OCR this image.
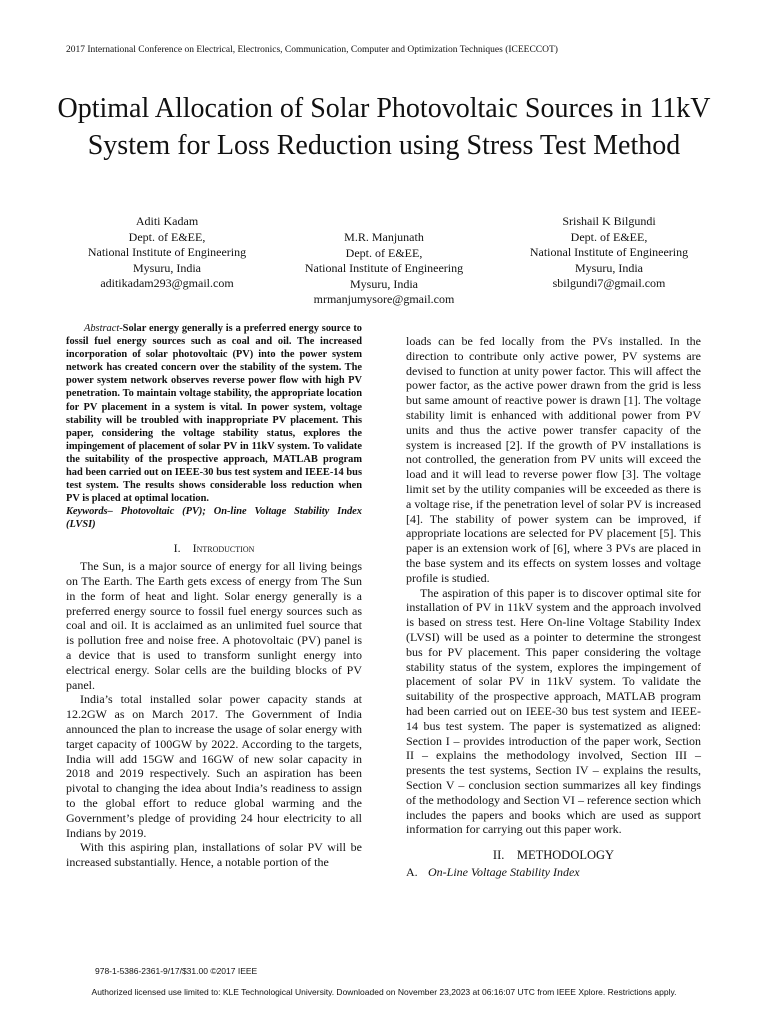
2017 International Conference on Electrical, Electronics, Communication, Computer and Optimization Techniques (ICEECCOT)
Optimal Allocation of Solar Photovoltaic Sources in 11kV System for Loss Reduction using Stress Test Method
Aditi Kadam
Dept. of E&EE,
National Institute of Engineering
Mysuru, India
aditikadam293@gmail.com
M.R. Manjunath
Dept. of E&EE,
National Institute of Engineering
Mysuru, India
mrmanjumysore@gmail.com
Srishail K Bilgundi
Dept. of E&EE,
National Institute of Engineering
Mysuru, India
sbilgundi7@gmail.com

Abstract-Solar energy generally is a preferred energy source to fossil fuel energy sources such as coal and oil. The increased incorporation of solar photovoltaic (PV) into the power system network has created concern over the stability of the system. The power system network observes reverse power flow with high PV penetration. To maintain voltage stability, the appropriate location for PV placement in a system is vital. In power system, voltage stability will be troubled with inappropriate PV placement. This paper, considering the voltage stability status, explores the impingement of placement of solar PV in 11kV system. To validate the suitability of the prospective approach, MATLAB program had been carried out on IEEE-30 bus test system and IEEE-14 bus test system. The results shows considerable loss reduction when PV is placed at optimal location.

Keywords– Photovoltaic (PV); On-line Voltage Stability Index (LVSI)

I. Introduction

The Sun, is a major source of energy for all living beings on The Earth. The Earth gets excess of energy from The Sun in the form of heat and light. Solar energy generally is a preferred energy source to fossil fuel energy sources such as coal and oil. It is acclaimed as an unlimited fuel source that is pollution free and noise free. A photovoltaic (PV) panel is a device that is used to transform sunlight energy into electrical energy. Solar cells are the building blocks of PV panel.

India’s total installed solar power capacity stands at 12.2GW as on March 2017. The Government of India announced the plan to increase the usage of solar energy with target capacity of 100GW by 2022. According to the targets, India will add 15GW and 16GW of new solar capacity in 2018 and 2019 respectively. Such an aspiration has been pivotal to changing the idea about India’s readiness to assign to the global effort to reduce global warming and the Government’s pledge of providing 24 hour electricity to all Indians by 2019.

With this aspiring plan, installations of solar PV will be increased substantially. Hence, a notable portion of the

loads can be fed locally from the PVs installed. In the direction to contribute only active power, PV systems are devised to function at unity power factor. This will affect the power factor, as the active power drawn from the grid is less but same amount of reactive power is drawn [1]. The voltage stability limit is enhanced with additional power from PV units and thus the active power transfer capacity of the system is increased [2]. If the growth of PV installations is not controlled, the generation from PV units will exceed the load and it will lead to reverse power flow [3]. The voltage limit set by the utility companies will be exceeded as there is a voltage rise, if the penetration level of solar PV is increased [4]. The stability of power system can be improved, if appropriate locations are selected for PV placement [5]. This paper is an extension work of [6], where 3 PVs are placed in the base system and its effects on system losses and voltage profile is studied.

The aspiration of this paper is to discover optimal site for installation of PV in 11kV system and the approach involved is based on stress test. Here On-line Voltage Stability Index (LVSI) will be used as a pointer to determine the strongest bus for PV placement. This paper considering the voltage stability status of the system, explores the impingement of placement of solar PV in 11kV system. To validate the suitability of the prospective approach, MATLAB program had been carried out on IEEE-30 bus test system and IEEE-14 bus test system. The paper is systematized as aligned: Section I – provides introduction of the paper work, Section II – explains the methodology involved, Section III – presents the test systems, Section IV – explains the results, Section V – conclusion section summarizes all key findings of the methodology and Section VI – reference section which includes the papers and books which are used as support information for carrying out this paper work.

II. METHODOLOGY
A. On-Line Voltage Stability Index
978-1-5386-2361-9/17/$31.00 ©2017 IEEE
Authorized licensed use limited to: KLE Technological University. Downloaded on November 23,2023 at 06:16:07 UTC from IEEE Xplore. Restrictions apply.
